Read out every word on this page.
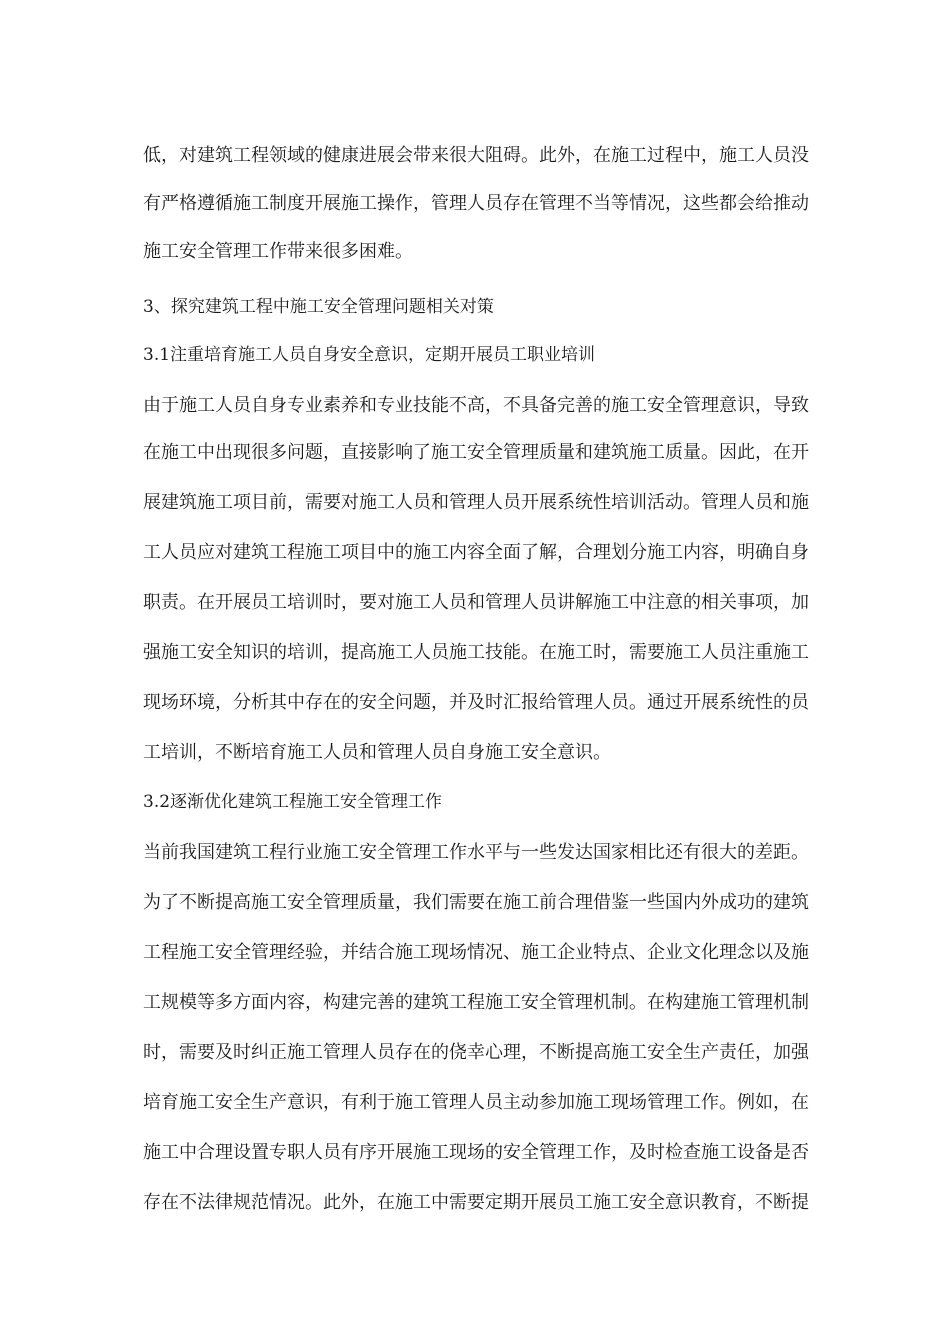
低，对建筑工程领域的健康进展会带来很大阻碍。此外，在施工过程中，施工人员没
有严格遵循施工制度开展施工操作，管理人员存在管理不当等情况，这些都会给推动
施工安全管理工作带来很多困难。
3、探究建筑工程中施工安全管理问题相关对策
3.1注重培育施工人员自身安全意识，定期开展员工职业培训
由于施工人员自身专业素养和专业技能不高，不具备完善的施工安全管理意识，导致
在施工中出现很多问题，直接影响了施工安全管理质量和建筑施工质量。因此，在开
展建筑施工项目前，需要对施工人员和管理人员开展系统性培训活动。管理人员和施
工人员应对建筑工程施工项目中的施工内容全面了解，合理划分施工内容，明确自身
职责。在开展员工培训时，要对施工人员和管理人员讲解施工中注意的相关事项，加
强施工安全知识的培训，提高施工人员施工技能。在施工时，需要施工人员注重施工
现场环境，分析其中存在的安全问题，并及时汇报给管理人员。通过开展系统性的员
工培训，不断培育施工人员和管理人员自身施工安全意识。
3.2逐渐优化建筑工程施工安全管理工作
当前我国建筑工程行业施工安全管理工作水平与一些发达国家相比还有很大的差距。
为了不断提高施工安全管理质量，我们需要在施工前合理借鉴一些国内外成功的建筑
工程施工安全管理经验，并结合施工现场情况、施工企业特点、企业文化理念以及施
工规模等多方面内容，构建完善的建筑工程施工安全管理机制。在构建施工管理机制
时，需要及时纠正施工管理人员存在的侥幸心理，不断提高施工安全生产责任，加强
培育施工安全生产意识，有利于施工管理人员主动参加施工现场管理工作。例如，在
施工中合理设置专职人员有序开展施工现场的安全管理工作，及时检查施工设备是否
存在不法律规范情况。此外，在施工中需要定期开展员工施工安全意识教育，不断提
